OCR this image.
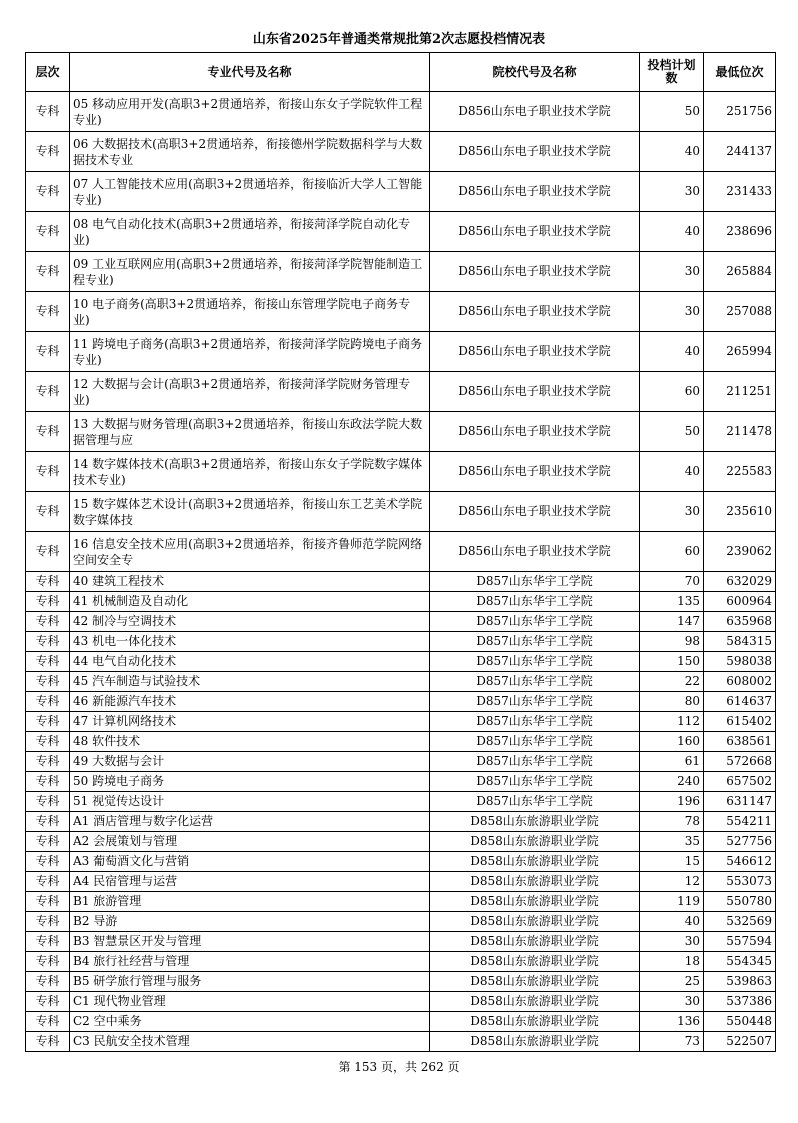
山东省2025年普通类常规批第2次志愿投档情况表
层次	专业代号及名称	院校代号及名称	投档计划数	最低位次
专科	05 移动应用开发(高职3+2贯通培养，衔接山东女子学院软件工程专业)	D856山东电子职业技术学院	50	251756
专科	06 大数据技术(高职3+2贯通培养，衔接德州学院数据科学与大数据技术专业	D856山东电子职业技术学院	40	244137
专科	07 人工智能技术应用(高职3+2贯通培养，衔接临沂大学人工智能专业)	D856山东电子职业技术学院	30	231433
专科	08 电气自动化技术(高职3+2贯通培养，衔接菏泽学院自动化专业)	D856山东电子职业技术学院	40	238696
专科	09 工业互联网应用(高职3+2贯通培养，衔接菏泽学院智能制造工程专业)	D856山东电子职业技术学院	30	265884
专科	10 电子商务(高职3+2贯通培养，衔接山东管理学院电子商务专业)	D856山东电子职业技术学院	30	257088
专科	11 跨境电子商务(高职3+2贯通培养，衔接菏泽学院跨境电子商务专业)	D856山东电子职业技术学院	40	265994
专科	12 大数据与会计(高职3+2贯通培养，衔接菏泽学院财务管理专业)	D856山东电子职业技术学院	60	211251
专科	13 大数据与财务管理(高职3+2贯通培养，衔接山东政法学院大数据管理与应	D856山东电子职业技术学院	50	211478
专科	14 数字媒体技术(高职3+2贯通培养，衔接山东女子学院数字媒体技术专业)	D856山东电子职业技术学院	40	225583
专科	15 数字媒体艺术设计(高职3+2贯通培养，衔接山东工艺美术学院数字媒体技	D856山东电子职业技术学院	30	235610
专科	16 信息安全技术应用(高职3+2贯通培养，衔接齐鲁师范学院网络空间安全专	D856山东电子职业技术学院	60	239062
专科	40 建筑工程技术	D857山东华宇工学院	70	632029
专科	41 机械制造及自动化	D857山东华宇工学院	135	600964
专科	42 制冷与空调技术	D857山东华宇工学院	147	635968
专科	43 机电一体化技术	D857山东华宇工学院	98	584315
专科	44 电气自动化技术	D857山东华宇工学院	150	598038
专科	45 汽车制造与试验技术	D857山东华宇工学院	22	608002
专科	46 新能源汽车技术	D857山东华宇工学院	80	614637
专科	47 计算机网络技术	D857山东华宇工学院	112	615402
专科	48 软件技术	D857山东华宇工学院	160	638561
专科	49 大数据与会计	D857山东华宇工学院	61	572668
专科	50 跨境电子商务	D857山东华宇工学院	240	657502
专科	51 视觉传达设计	D857山东华宇工学院	196	631147
专科	A1 酒店管理与数字化运营	D858山东旅游职业学院	78	554211
专科	A2 会展策划与管理	D858山东旅游职业学院	35	527756
专科	A3 葡萄酒文化与营销	D858山东旅游职业学院	15	546612
专科	A4 民宿管理与运营	D858山东旅游职业学院	12	553073
专科	B1 旅游管理	D858山东旅游职业学院	119	550780
专科	B2 导游	D858山东旅游职业学院	40	532569
专科	B3 智慧景区开发与管理	D858山东旅游职业学院	30	557594
专科	B4 旅行社经营与管理	D858山东旅游职业学院	18	554345
专科	B5 研学旅行管理与服务	D858山东旅游职业学院	25	539863
专科	C1 现代物业管理	D858山东旅游职业学院	30	537386
专科	C2 空中乘务	D858山东旅游职业学院	136	550448
专科	C3 民航安全技术管理	D858山东旅游职业学院	73	522507
第 153 页，共 262 页
